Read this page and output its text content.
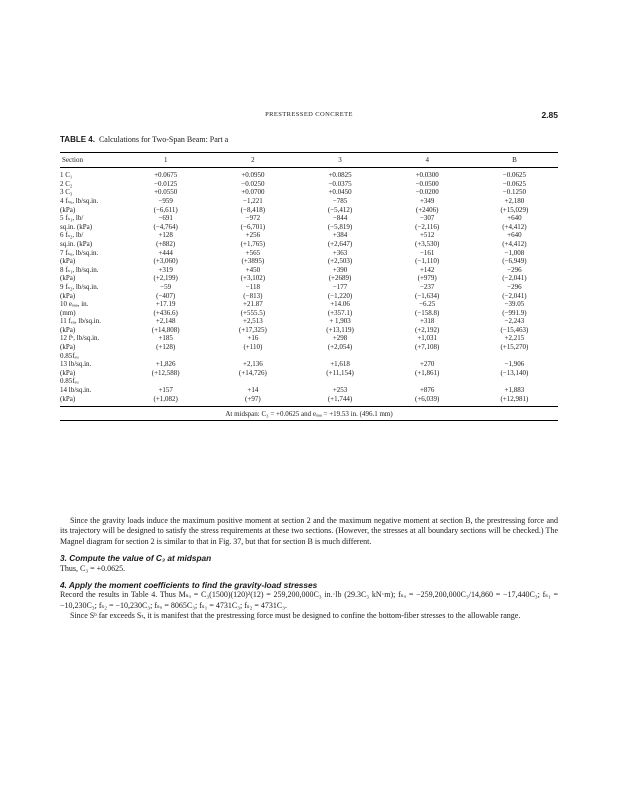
PRESTRESSED CONCRETE	2.85
TABLE 4. Calculations for Two-Span Beam: Part a
Section	1	2	3	4	B
1 C₁	+0.0675	+0.0950	+0.0825	+0.0300	−0.0625
2 C₂	−0.0125	−0.0250	−0.0375	−0.0500	−0.0625
3 C₃	+0.0550	+0.0700	+0.0450	−0.0200	−0.1250
4 fₛᵤ, lb/sq.in.	−959	−1,221	−785	+349	+2,180
(kPa)	(−6,611)	(−8,418)	(−5,412)	(+2406)	(+15,029)
5 fₛ₁, lb/	−691	−972	−844	−307	+640
sq.in. (kPa)	(−4,764)	(−6,701)	(−5,819)	(−2,116)	(+4,412)
6 fₛ₂, lb/	+128	+256	+384	+512	+640
sq.in. (kPa)	(+882)	(+1,765)	(+2,647)	(+3,530)	(+4,412)
7 fₛᵤ, lb/sq.in.	+444	+565	+363	−161	−1,008
(kPa)	(+3,060)	(+3895)	(+2,503)	(−1,110)	(−6,949)
8 fₛ₁, lb/sq.in.	+319	+450	+390	+142	−296
(kPa)	(+2,199)	(+3,102)	(+2689)	(+979)	(−2,041)
9 fₛ₂, lb/sq.in.	−59	−118	−177	−237	−296
(kPa)	(−407)	(−813)	(−1,220)	(−1,634)	(−2,041)
10 eₒₐₐ, in.	+17.19	+21.87	+14.06	−6.25	−39.05
(mm)	(+436.6)	(+555.5)	(+357.1)	(−158.8)	(−991.9)
11 fₑᵤ, lb/sq.in.	+2,148	+2,513	+ 1,903	+318	−2,243
(kPa)	(+14,808)	(+17,325)	(+13,119)	(+2,192)	(−15,463)
12 fᵇ, lb/sq.in.	+185	+16	+298	+1,031	+2,215
(kPa)	(+128)	(+110)	(+2,054)	(+7,108)	(+15,270)
0.85fₑᵤ					
13 lb/sq.in.	+1,826	+2,136	+1,618	+270	−1,906
(kPa)	(+12,588)	(+14,726)	(+11,154)	(+1,861)	(−13,140)
0.85fₑᵤ					
14 lb/sq.in.	+157	+14	+253	+876	+1,883
(kPa)	(+1,082)	(+97)	(+1,744)	(+6,039)	(+12,981)
At midspan: C₃ = +0.0625 and eₒₐₐ = +19.53 in. (496.1 mm)					

Since the gravity loads induce the maximum positive moment at section 2 and the maximum negative moment at section B, the prestressing force and its trajectory will be designed to satisfy the stress requirements at these two sections. (However, the stresses at all boundary sections will be checked.) The Magnel diagram for section 2 is similar to that in Fig. 37, but that for section B is much different.

3. Compute the value of C₃ at midspan

Thus, C₃ = +0.0625.

4. Apply the moment coefficients to find the gravity-load stresses

Record the results in Table 4. Thus Mₛᵤ = C₃(1500)(120)²(12) = 259,200,000C₃ in.·lb (29.3C₃ kN·m); fₛᵤ = −259,200,000C₃/14,860 = −17,440C₃; fₛ₁ = −10,230C₃; fₛ₂ = −10,230C₃; fₛᵤ = 8065C₃; fₛ₁ = 4731C₃; fₛ₂ = 4731C₃.

Since Sᵇ far exceeds Sₜ, it is manifest that the prestressing force must be designed to confine the bottom-fiber stresses to the allowable range.
